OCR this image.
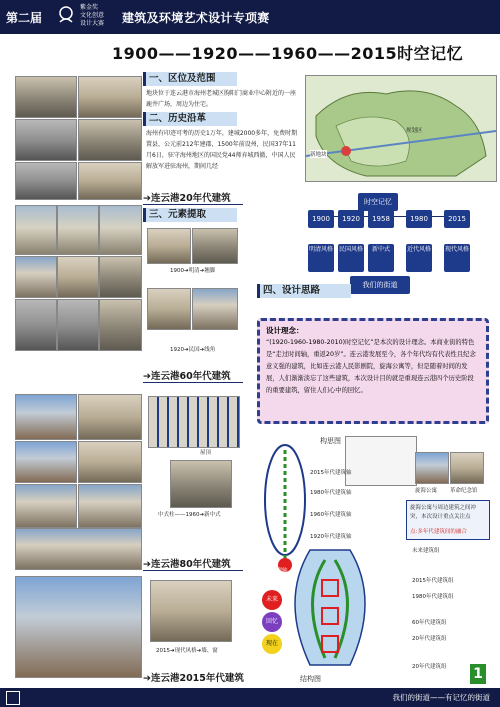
第二届
紫金奖
文化创意
设计大赛 建筑及环境艺术设计专项赛
1900——1920——1960——2015时空记忆
一、区位及范围
地块位于连云港市海州老城区朐阳门商业中心附近的一座鹿井广场，周边为住宅。
二、历史沿革
海州有印迹可考的历史1万年，建城2000多年，免费时期置县，公元前212年建郡，1500年前设州，民国37年11月6日，驻守海州地区的国民党44师弃城西撤，中国人民解放军进驻海州，期间几经
规划区
新地块
➔连云港20年代建筑
三、元素提取
1900➔明清➔翘脚
1920➔民国➔线角
➔连云港60年代建筑
屋顶
中式柱——1960➔新中式
➔连云港80年代建筑
2015➔现代风格➔墙、窗
➔连云港2015年代建筑
时空记忆
1900	1920	1958	1980	2015
明清风格 民国风格	新中式	近代风格 现代风格
我们的街道
四、设计思路
设计理念：
“(1920-1960-1980-2010)时空记忆”是本次的设计理念。本商业街的特色是“走过时间轴，重返20岁”。连云港发展至今，各个年代均有代表性且纪念意义强的建筑，比如连云港人民影剧院，旋海公寓等，但是随着时间的发展，人们渐渐淡忘了这些建筑，本次设计目的就是重现连云港四个历史阶段的重要建筑，留住人们心中的回忆。
构思图
2015年代建筑轴
1980年代建筑轴
1960年代建筑轴
1920年代建筑轴
景观轴
旋海公寓 革命纪念馆
旋海公寓与周边建筑之间冲突，本次设计重点关注点
点:多年代建筑间的融合
未来
回忆
现在
未来建筑组
2015年代建筑组
1980年代建筑组
60年代建筑组
20年代建筑组
20年代建筑组
结构图	1
我们的街道——有记忆的街道
